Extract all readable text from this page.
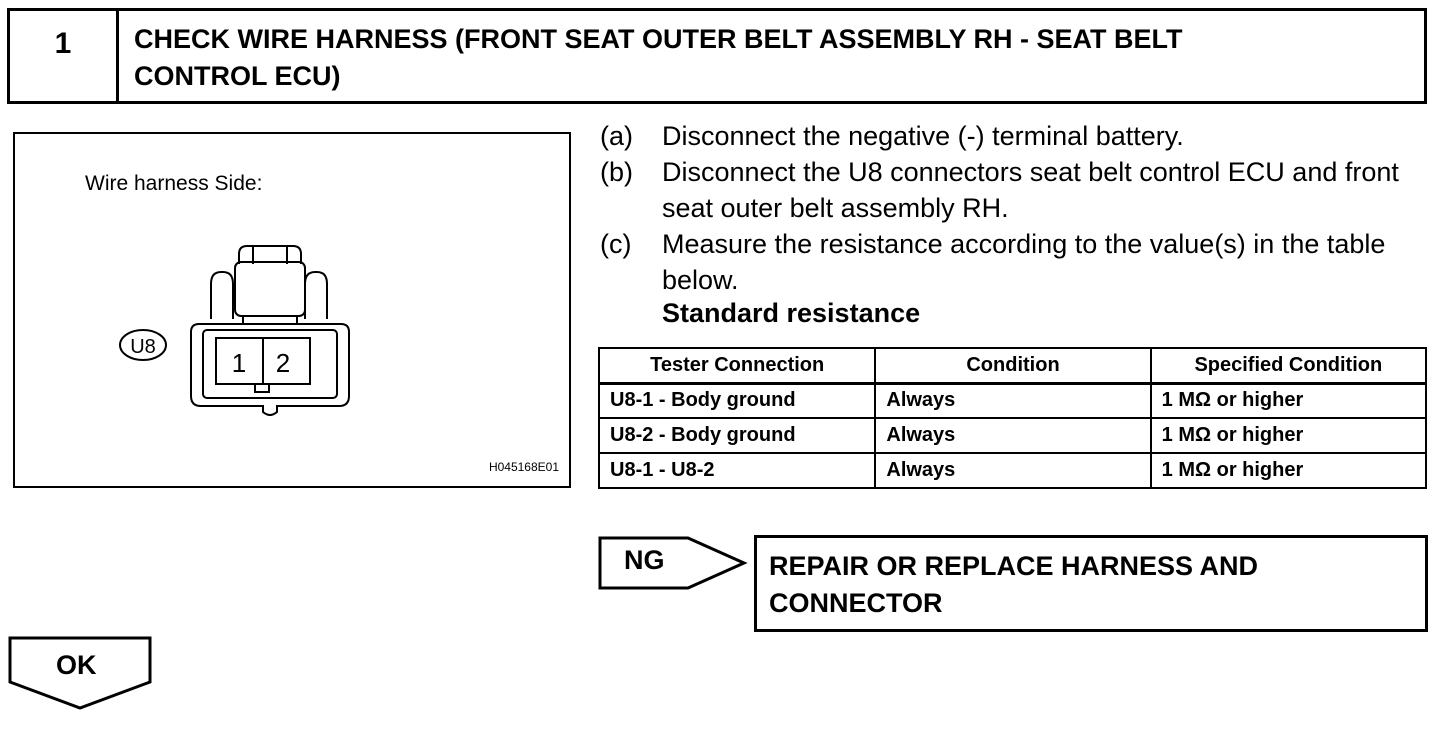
1	CHECK WIRE HARNESS (FRONT SEAT OUTER BELT ASSEMBLY RH - SEAT BELT
CONTROL ECU)
Wire harness Side:
U8
1 2
H045168E01
(a)	Disconnect the negative (-) terminal battery.
(b)	Disconnect the U8 connectors seat belt control ECU and front seat outer belt assembly RH.
(c)	Measure the resistance according to the value(s) in the table below.
Standard resistance
Tester Connection	Condition	Specified Condition
U8-1 - Body ground	Always	1 MΩ or higher
U8-2 - Body ground	Always	1 MΩ or higher
U8-1 - U8-2	Always	1 MΩ or higher
NG	REPAIR OR REPLACE HARNESS AND
CONNECTOR
OK
